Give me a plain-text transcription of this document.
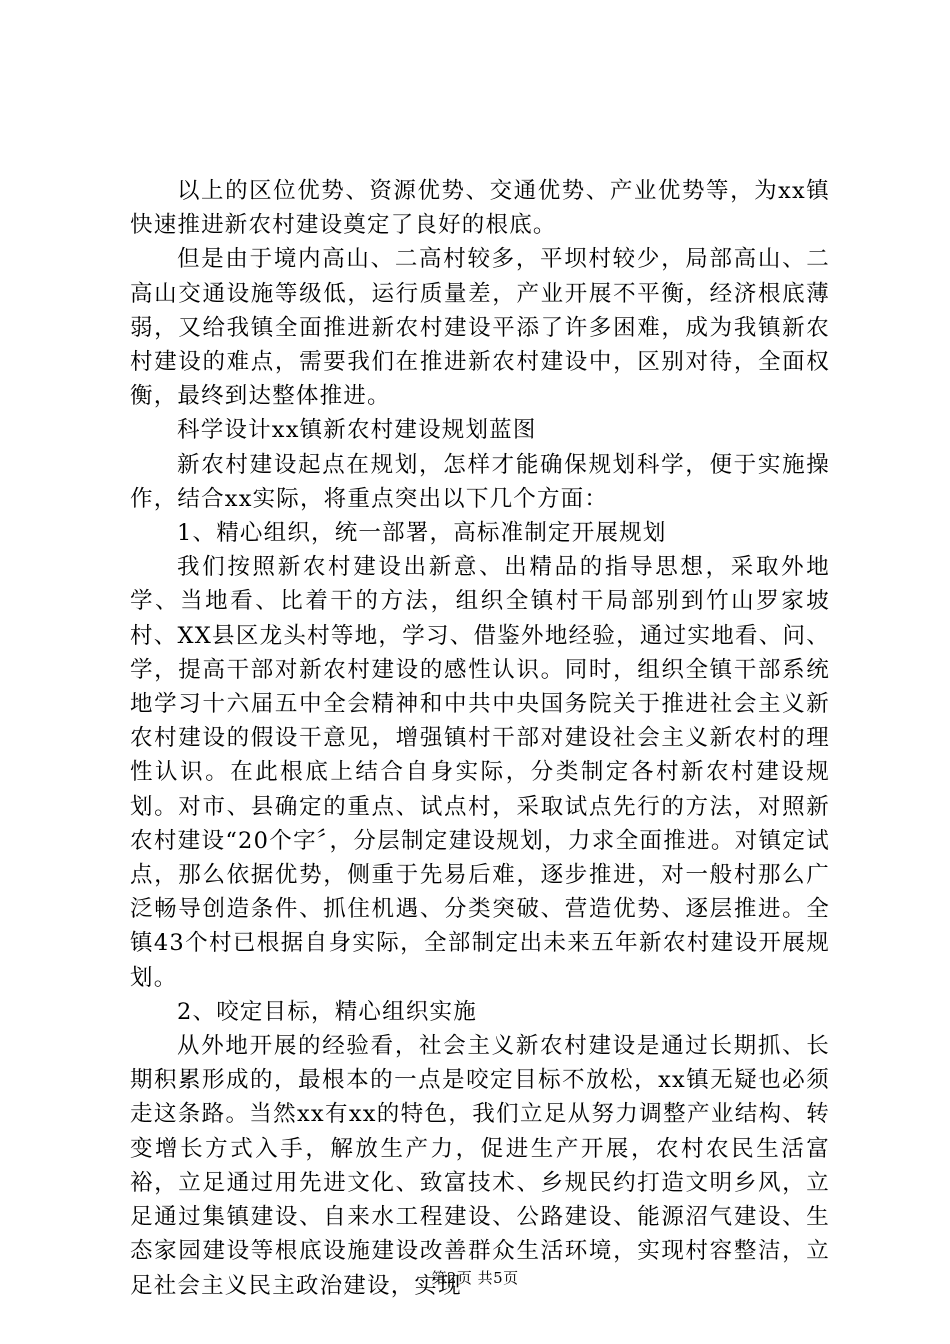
以上的区位优势、资源优势、交通优势、产业优势等，为xx镇快速推进新农村建设奠定了良好的根底。

但是由于境内高山、二高村较多，平坝村较少，局部高山、二高山交通设施等级低，运行质量差，产业开展不平衡，经济根底薄弱，又给我镇全面推进新农村建设平添了许多困难，成为我镇新农村建设的难点，需要我们在推进新农村建设中，区别对待，全面权衡，最终到达整体推进。

科学设计xx镇新农村建设规划蓝图

新农村建设起点在规划，怎样才能确保规划科学，便于实施操作，结合xx实际，将重点突出以下几个方面：

1、精心组织，统一部署，高标准制定开展规划

我们按照新农村建设出新意、出精品的指导思想，采取外地学、当地看、比着干的方法，组织全镇村干局部别到竹山罗家坡村、XX县区龙头村等地，学习、借鉴外地经验，通过实地看、问、学，提高干部对新农村建设的感性认识。同时，组织全镇干部系统地学习十六届五中全会精神和中共中央国务院关于推进社会主义新农村建设的假设干意见，增强镇村干部对建设社会主义新农村的理性认识。在此根底上结合自身实际，分类制定各村新农村建设规划。对市、县确定的重点、试点村，采取试点先行的方法，对照新农村建设“20个字〞，分层制定建设规划，力求全面推进。对镇定试点，那么依据优势，侧重于先易后难，逐步推进，对一般村那么广泛畅导创造条件、抓住机遇、分类突破、营造优势、逐层推进。全镇43个村已根据自身实际，全部制定出未来五年新农村建设开展规划。

2、咬定目标，精心组织实施

从外地开展的经验看，社会主义新农村建设是通过长期抓、长期积累形成的，最根本的一点是咬定目标不放松，xx镇无疑也必须走这条路。当然xx有xx的特色，我们立足从努力调整产业结构、转变增长方式入手，解放生产力，促进生产开展，农村农民生活富裕，立足通过用先进文化、致富技术、乡规民约打造文明乡风，立足通过集镇建设、自来水工程建设、公路建设、能源沼气建设、生态家园建设等根底设施建设改善群众生活环境，实现村容整洁，立足社会主义民主政治建设，实现

第2页 共5页
